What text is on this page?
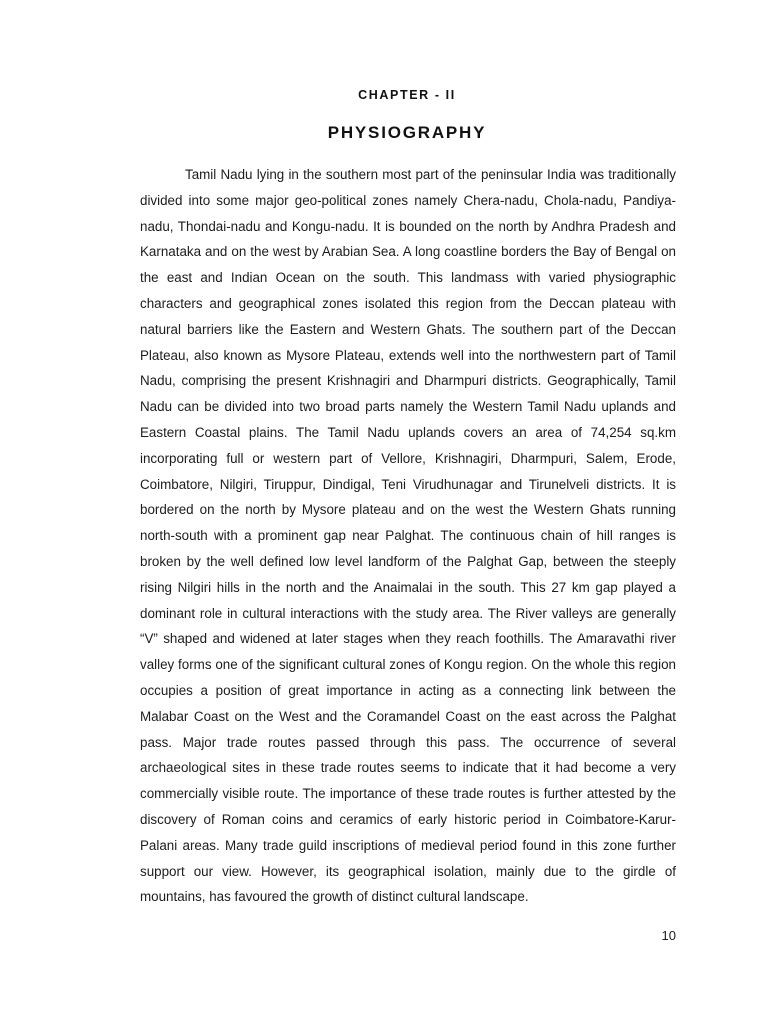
CHAPTER - II
PHYSIOGRAPHY

Tamil Nadu lying in the southern most part of the peninsular India was traditionally divided into some major geo-political zones namely Chera-nadu, Chola-nadu, Pandiya-nadu, Thondai-nadu and Kongu-nadu. It is bounded on the north by Andhra Pradesh and Karnataka and on the west by Arabian Sea. A long coastline borders the Bay of Bengal on the east and Indian Ocean on the south. This landmass with varied physiographic characters and geographical zones isolated this region from the Deccan plateau with natural barriers like the Eastern and Western Ghats. The southern part of the Deccan Plateau, also known as Mysore Plateau, extends well into the northwestern part of Tamil Nadu, comprising the present Krishnagiri and Dharmpuri districts. Geographically, Tamil Nadu can be divided into two broad parts namely the Western Tamil Nadu uplands and Eastern Coastal plains. The Tamil Nadu uplands covers an area of 74,254 sq.km incorporating full or western part of Vellore, Krishnagiri, Dharmpuri, Salem, Erode, Coimbatore, Nilgiri, Tiruppur, Dindigal, Teni Virudhunagar and Tirunelveli districts. It is bordered on the north by Mysore plateau and on the west the Western Ghats running north-south with a prominent gap near Palghat. The continuous chain of hill ranges is broken by the well defined low level landform of the Palghat Gap, between the steeply rising Nilgiri hills in the north and the Anaimalai in the south. This 27 km gap played a dominant role in cultural interactions with the study area. The River valleys are generally “V” shaped and widened at later stages when they reach foothills. The Amaravathi river valley forms one of the significant cultural zones of Kongu region. On the whole this region occupies a position of great importance in acting as a connecting link between the Malabar Coast on the West and the Coramandel Coast on the east across the Palghat pass. Major trade routes passed through this pass. The occurrence of several archaeological sites in these trade routes seems to indicate that it had become a very commercially visible route. The importance of these trade routes is further attested by the discovery of Roman coins and ceramics of early historic period in Coimbatore-Karur-Palani areas. Many trade guild inscriptions of medieval period found in this zone further support our view. However, its geographical isolation, mainly due to the girdle of mountains, has favoured the growth of distinct cultural landscape.

10
